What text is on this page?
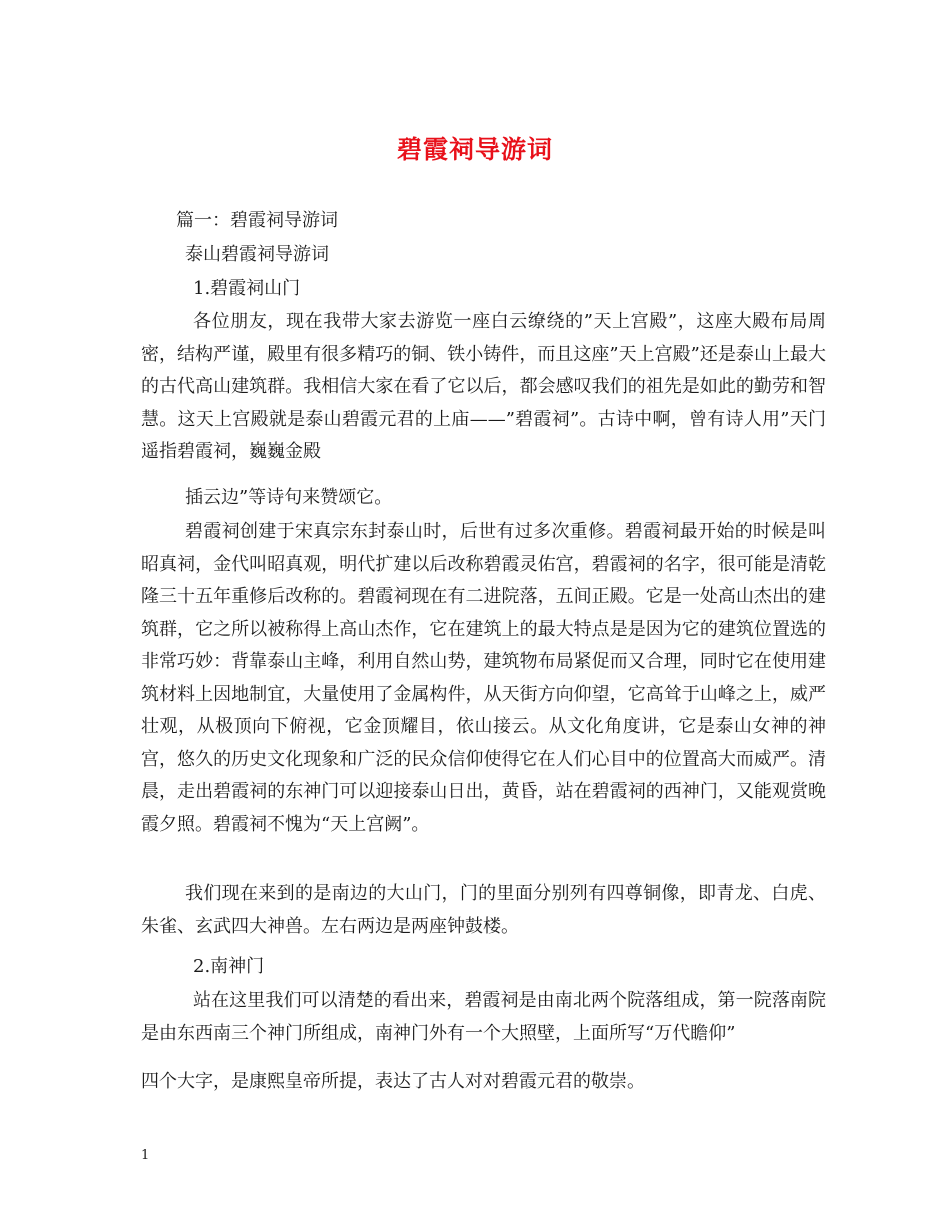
碧霞祠导游词
篇一：碧霞祠导游词
泰山碧霞祠导游词
1.碧霞祠山门
各位朋友，现在我带大家去游览一座白云缭绕的”天上宫殿”，这座大殿布局周密，结构严谨，殿里有很多精巧的铜、铁小铸件，而且这座”天上宫殿”还是泰山上最大的古代高山建筑群。我相信大家在看了它以后，都会感叹我们的祖先是如此的勤劳和智慧。这天上宫殿就是泰山碧霞元君的上庙——”碧霞祠”。古诗中啊，曾有诗人用”天门遥指碧霞祠，巍巍金殿
插云边”等诗句来赞颂它。
碧霞祠创建于宋真宗东封泰山时，后世有过多次重修。碧霞祠最开始的时候是叫昭真祠，金代叫昭真观，明代扩建以后改称碧霞灵佑宫，碧霞祠的名字，很可能是清乾隆三十五年重修后改称的。碧霞祠现在有二进院落，五间正殿。它是一处高山杰出的建筑群，它之所以被称得上高山杰作，它在建筑上的最大特点是是因为它的建筑位置选的非常巧妙：背靠泰山主峰，利用自然山势，建筑物布局紧促而又合理，同时它在使用建筑材料上因地制宜，大量使用了金属构件，从天街方向仰望，它高耸于山峰之上，威严壮观，从极顶向下俯视，它金顶耀目，依山接云。从文化角度讲，它是泰山女神的神宫，悠久的历史文化现象和广泛的民众信仰使得它在人们心目中的位置高大而威严。清晨，走出碧霞祠的东神门可以迎接泰山日出，黄昏，站在碧霞祠的西神门，又能观赏晚霞夕照。碧霞祠不愧为“天上宫阙”。
我们现在来到的是南边的大山门，门的里面分别列有四尊铜像，即青龙、白虎、朱雀、玄武四大神兽。左右两边是两座钟鼓楼。
2.南神门
站在这里我们可以清楚的看出来，碧霞祠是由南北两个院落组成，第一院落南院是由东西南三个神门所组成，南神门外有一个大照壁，上面所写“万代瞻仰”
四个大字，是康熙皇帝所提，表达了古人对对碧霞元君的敬崇。
1
